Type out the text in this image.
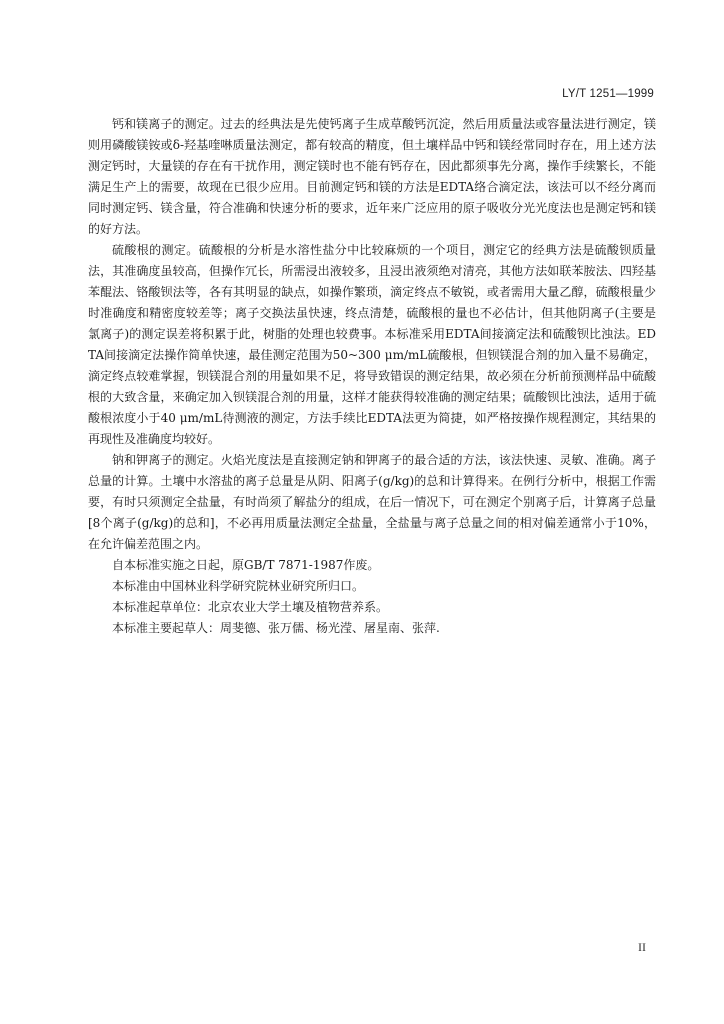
LY/T 1251—1999

钙和镁离子的测定。过去的经典法是先使钙离子生成草酸钙沉淀，然后用质量法或容量法进行测定，镁则用磷酸镁铵或δ-羟基喹啉质量法测定，都有较高的精度，但土壤样品中钙和镁经常同时存在，用上述方法测定钙时，大量镁的存在有干扰作用，测定镁时也不能有钙存在，因此都须事先分离，操作手续繁长，不能满足生产上的需要，故现在已很少应用。目前测定钙和镁的方法是EDTA络合滴定法，该法可以不经分离而同时测定钙、镁含量，符合准确和快速分析的要求，近年来广泛应用的原子吸收分光光度法也是测定钙和镁的好方法。

硫酸根的测定。硫酸根的分析是水溶性盐分中比较麻烦的一个项目，测定它的经典方法是硫酸钡质量法，其准确度虽较高，但操作冗长，所需浸出液较多，且浸出液须绝对清亮，其他方法如联苯胺法、四羟基苯醌法、铬酸钡法等，各有其明显的缺点，如操作繁琐，滴定终点不敏锐，或者需用大量乙醇，硫酸根量少时准确度和精密度较差等；离子交换法虽快速，终点清楚，硫酸根的量也不必估计，但其他阴离子(主要是氯离子)的测定误差将积累于此，树脂的处理也较费事。本标准采用EDTA间接滴定法和硫酸钡比浊法。EDTA间接滴定法操作简单快速，最佳测定范围为50~300 μm/mL硫酸根，但钡镁混合剂的加入量不易确定，滴定终点较难掌握，钡镁混合剂的用量如果不足，将导致错误的测定结果，故必须在分析前预测样品中硫酸根的大致含量，来确定加入钡镁混合剂的用量，这样才能获得较准确的测定结果；硫酸钡比浊法，适用于硫酸根浓度小于40 μm/mL待测液的测定，方法手续比EDTA法更为简捷，如严格按操作规程测定，其结果的再现性及准确度均较好。

钠和钾离子的测定。火焰光度法是直接测定钠和钾离子的最合适的方法，该法快速、灵敏、准确。离子总量的计算。土壤中水溶盐的离子总量是从阴、阳离子(g/kg)的总和计算得来。在例行分析中，根据工作需要，有时只须测定全盐量，有时尚须了解盐分的组成，在后一情况下，可在测定个别离子后，计算离子总量[8个离子(g/kg)的总和]，不必再用质量法测定全盐量，全盐量与离子总量之间的相对偏差通常小于10%，在允许偏差范围之内。

自本标准实施之日起，原GB/T 7871-1987作废。

本标准由中国林业科学研究院林业研究所归口。

本标准起草单位：北京农业大学土壤及植物营养系。

本标准主要起草人：周斐德、张万儒、杨光滢、屠星南、张萍.

II
